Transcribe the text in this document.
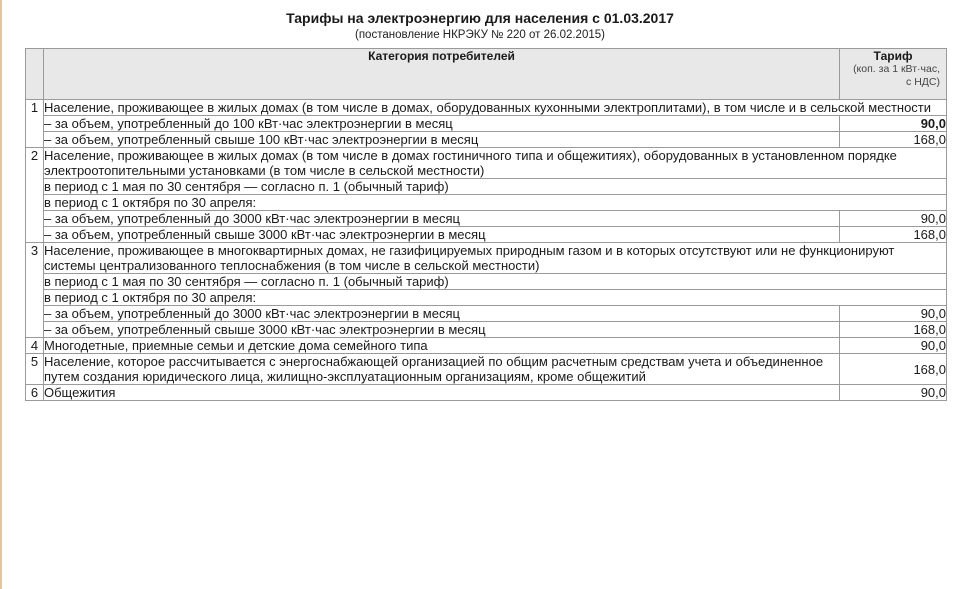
Тарифы на электроэнергию для населения с 01.03.2017
(постановление НКРЭКУ № 220 от 26.02.2015)
	Категория потребителей	Тариф
(коп. за 1 кВт·час,
с НДС)

1	Население, проживающее в жилых домах (в том числе в домах, оборудованных кухонными электроплитами), в том числе и в сельской местности	
	– за объем, употребленный до 100 кВт·час электроэнергии в месяц	90,0
	– за объем, употребленный свыше 100 кВт·час электроэнергии в месяц	168,0
2	Население, проживающее в жилых домах (в том числе в домах гостиничного типа и общежитиях), оборудованных в установленном порядке электроотопительными установками (в том числе в сельской местности)	
	в период с 1 мая по 30 сентября — согласно п. 1 (обычный тариф)	
	в период с 1 октября по 30 апреля:	
	– за объем, употребленный до 3000 кВт·час электроэнергии в месяц	90,0
	– за объем, употребленный свыше 3000 кВт·час электроэнергии в месяц	168,0
3	Население, проживающее в многоквартирных домах, не газифицируемых природным газом и в которых отсутствуют или не функционируют системы централизованного теплоснабжения (в том числе в сельской местности)	
	в период с 1 мая по 30 сентября — согласно п. 1 (обычный тариф)	
	в период с 1 октября по 30 апреля:	
	– за объем, употребленный до 3000 кВт·час электроэнергии в месяц	90,0
	– за объем, употребленный свыше 3000 кВт·час электроэнергии в месяц	168,0
4	Многодетные, приемные семьи и детские дома семейного типа	90,0
5	Население, которое рассчитывается с энергоснабжающей организацией по общим расчетным средствам учета и объединенное путем создания юридического лица, жилищно-эксплуатационным организациям, кроме общежитий	168,0
6	Общежития	90,0
